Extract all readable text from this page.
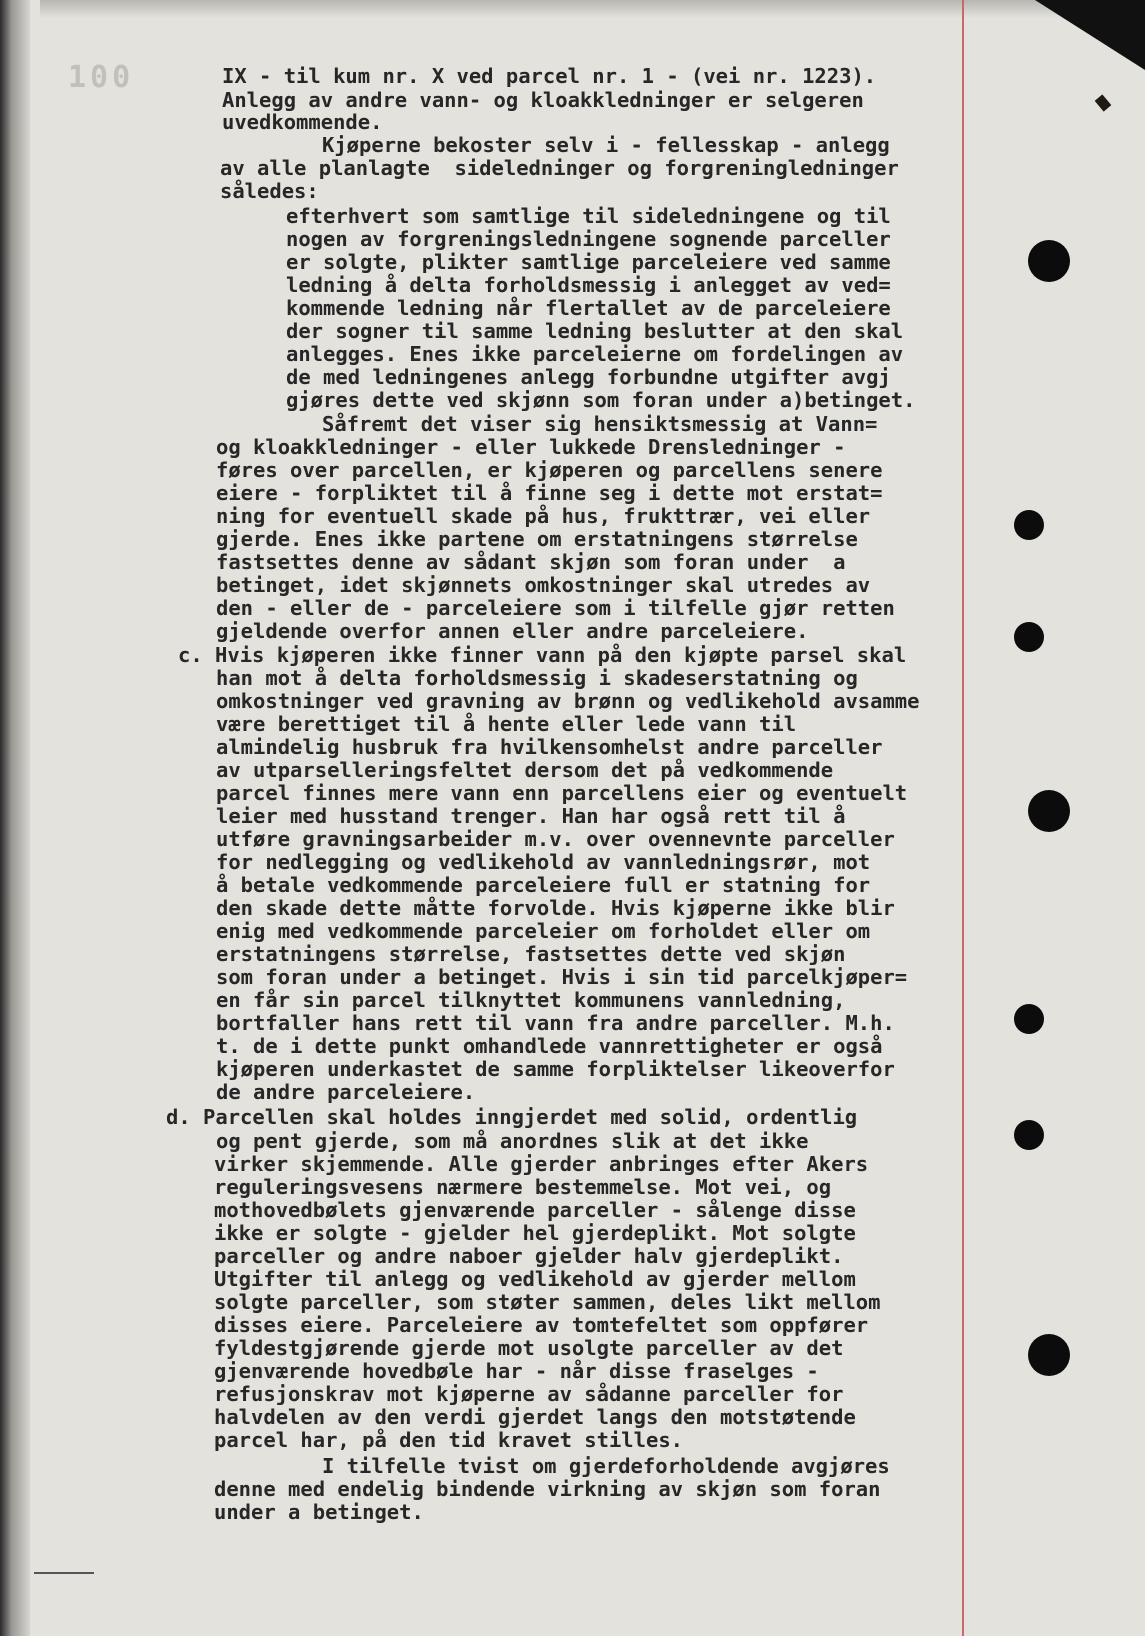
100	IX - til kum nr. X ved parcel nr. 1 - (vei nr. 1223).
Anlegg av andre vann- og kloakkledninger er selgeren
uvedkommende.
Kjøperne bekoster selv i - fellesskap - anlegg
av alle planlagte  sideledninger og forgreningledninger
således:
efterhvert som samtlige til sideledningene og til
nogen av forgreningsledningene sognende parceller
er solgte, plikter samtlige parceleiere ved samme
ledning å delta forholdsmessig i anlegget av ved=
kommende ledning når flertallet av de parceleiere
der sogner til samme ledning beslutter at den skal
anlegges. Enes ikke parceleierne om fordelingen av
de med ledningenes anlegg forbundne utgifter avgj
gjøres dette ved skjønn som foran under a)betinget.
Såfremt det viser sig hensiktsmessig at Vann=
og kloakkledninger - eller lukkede Drensledninger -
føres over parcellen, er kjøperen og parcellens senere
eiere - forpliktet til å finne seg i dette mot erstat=
ning for eventuell skade på hus, frukttrær, vei eller
gjerde. Enes ikke partene om erstatningens størrelse
fastsettes denne av sådant skjøn som foran under  a
betinget, idet skjønnets omkostninger skal utredes av
den - eller de - parceleiere som i tilfelle gjør retten
gjeldende overfor annen eller andre parceleiere.
c. Hvis kjøperen ikke finner vann på den kjøpte parsel skal
han mot å delta forholdsmessig i skadeserstatning og
omkostninger ved gravning av brønn og vedlikehold avsamme
være berettiget til å hente eller lede vann til
almindelig husbruk fra hvilkensomhelst andre parceller
av utparselleringsfeltet dersom det på vedkommende
parcel finnes mere vann enn parcellens eier og eventuelt
leier med husstand trenger. Han har også rett til å
utføre gravningsarbeider m.v. over ovennevnte parceller
for nedlegging og vedlikehold av vannledningsrør, mot
å betale vedkommende parceleiere full er statning for
den skade dette måtte forvolde. Hvis kjøperne ikke blir
enig med vedkommende parceleier om forholdet eller om
erstatningens størrelse, fastsettes dette ved skjøn
som foran under a betinget. Hvis i sin tid parcelkjøper=
en får sin parcel tilknyttet kommunens vannledning,
bortfaller hans rett til vann fra andre parceller. M.h.
t. de i dette punkt omhandlede vannrettigheter er også
kjøperen underkastet de samme forpliktelser likeoverfor
de andre parceleiere.
d. Parcellen skal holdes inngjerdet med solid, ordentlig
og pent gjerde, som må anordnes slik at det ikke
virker skjemmende. Alle gjerder anbringes efter Akers
reguleringsvesens nærmere bestemmelse. Mot vei, og
mothovedbølets gjenværende parceller - sålenge disse
ikke er solgte - gjelder hel gjerdeplikt. Mot solgte
parceller og andre naboer gjelder halv gjerdeplikt.
Utgifter til anlegg og vedlikehold av gjerder mellom
solgte parceller, som støter sammen, deles likt mellom
disses eiere. Parceleiere av tomtefeltet som oppfører
fyldestgjørende gjerde mot usolgte parceller av det
gjenværende hovedbøle har - når disse fraselges -
refusjonskrav mot kjøperne av sådanne parceller for
halvdelen av den verdi gjerdet langs den motstøtende
parcel har, på den tid kravet stilles.
I tilfelle tvist om gjerdeforholdende avgjøres
denne med endelig bindende virkning av skjøn som foran
under a betinget.
